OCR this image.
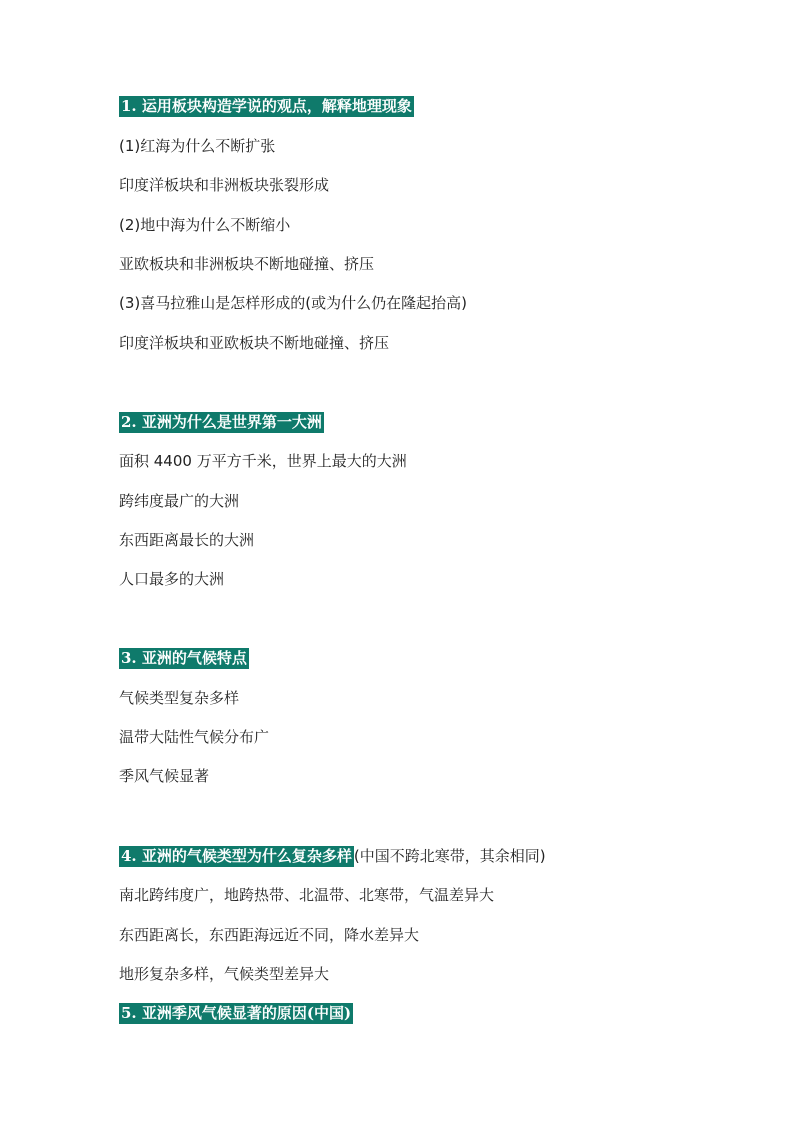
1. 运用板块构造学说的观点，解释地理现象
(1)红海为什么不断扩张
印度洋板块和非洲板块张裂形成
(2)地中海为什么不断缩小
亚欧板块和非洲板块不断地碰撞、挤压
(3)喜马拉雅山是怎样形成的(或为什么仍在隆起抬高)
印度洋板块和亚欧板块不断地碰撞、挤压
2. 亚洲为什么是世界第一大洲
面积 4400 万平方千米，世界上最大的大洲
跨纬度最广的大洲
东西距离最长的大洲
人口最多的大洲
3. 亚洲的气候特点
气候类型复杂多样
温带大陆性气候分布广
季风气候显著
4. 亚洲的气候类型为什么复杂多样 (中国不跨北寒带，其余相同)
南北跨纬度广，地跨热带、北温带、北寒带，气温差异大
东西距离长，东西距海远近不同，降水差异大
地形复杂多样，气候类型差异大
5. 亚洲季风气候显著的原因(中国)
